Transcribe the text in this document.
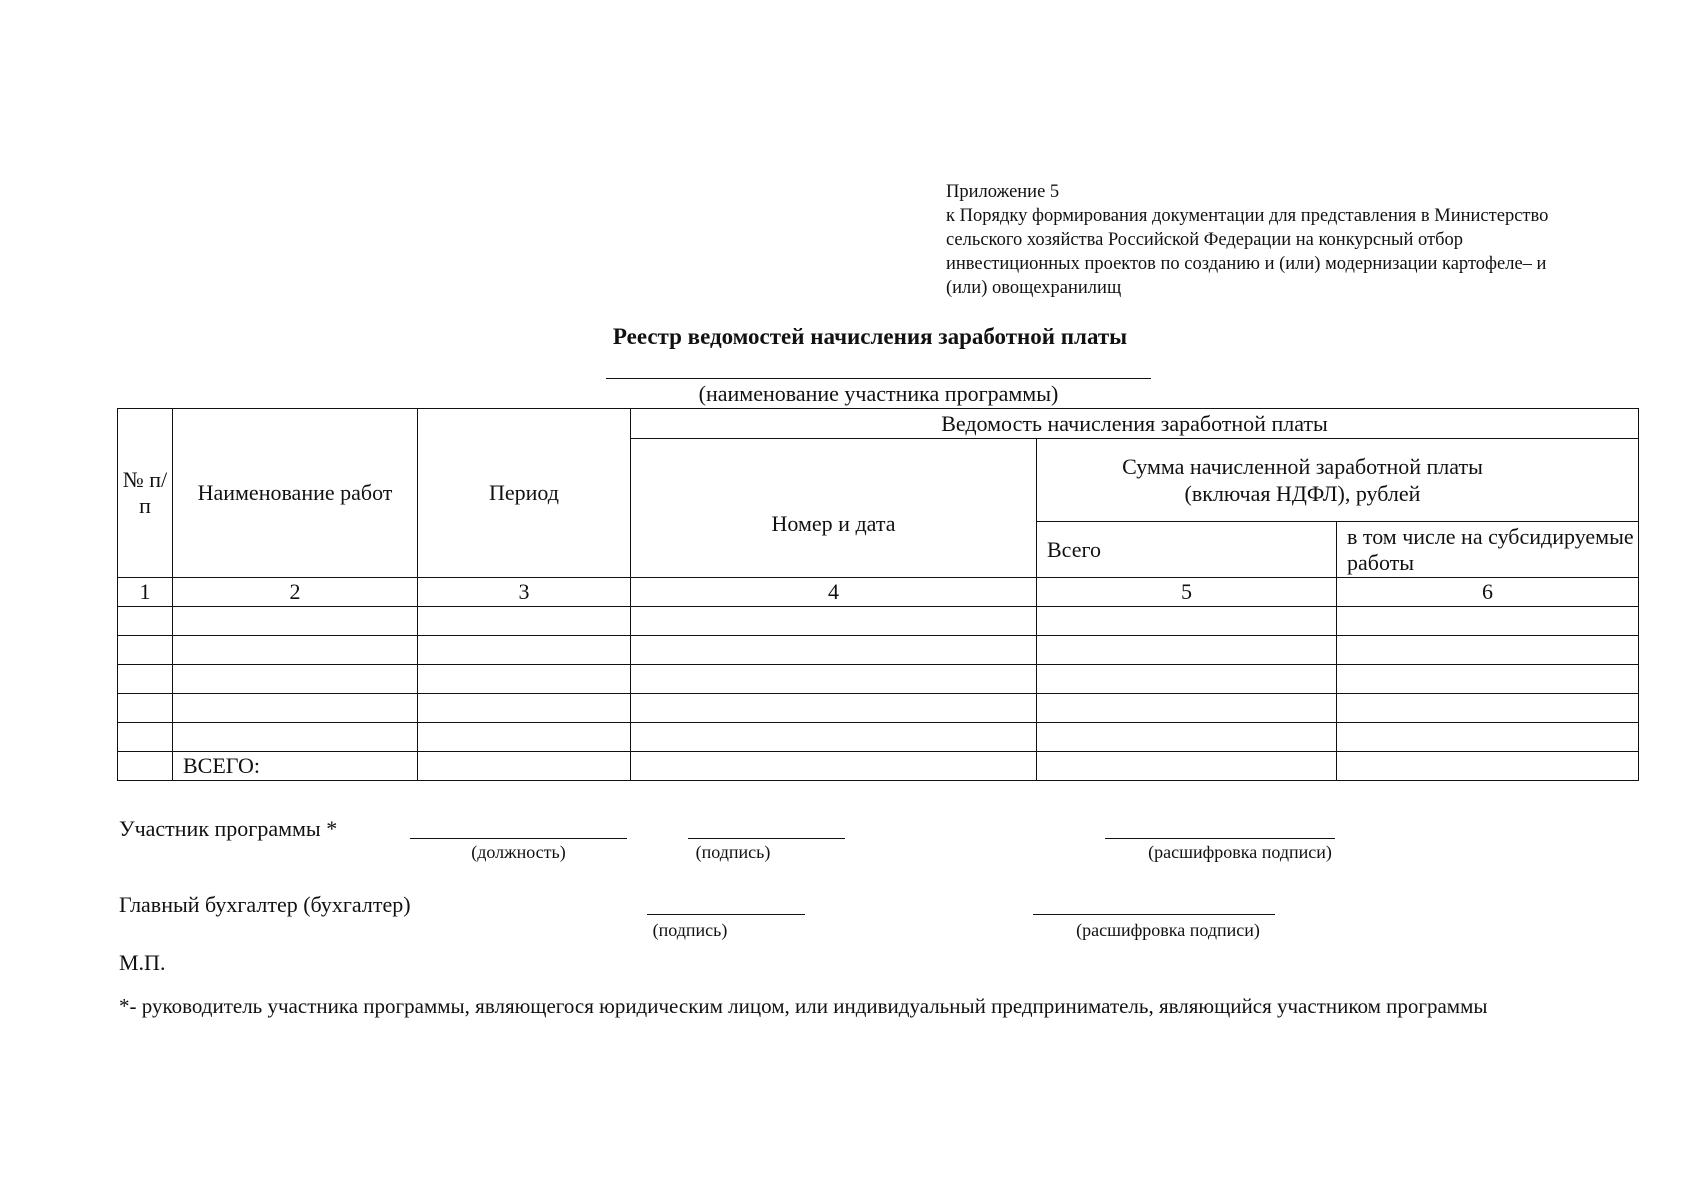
Приложение 5
к Порядку формирования документации для представления в Министерство
сельского хозяйства Российской Федерации на конкурсный отбор
инвестиционных проектов по созданию и (или) модернизации картофеле– и
(или) овощехранилищ
Реестр ведомостей начисления заработной платы
(наименование участника программы)
№ п/п	Наименование работ	Период	Ведомость начисления заработной платы		
			Номер и дата	Сумма начисленной заработной платы (включая НДФЛ), рублей	
				Всего	в том числе на субсидируемые работы
1	2	3	4	5	6

	ВСЕГО:				
Участник программы *
(должность)	(подпись)	(расшифровка подписи)
Главный бухгалтер (бухгалтер)
(подпись)	(расшифровка подписи)
М.П.
*- руководитель участника программы, являющегося юридическим лицом, или индивидуальный предприниматель, являющийся участником программы
